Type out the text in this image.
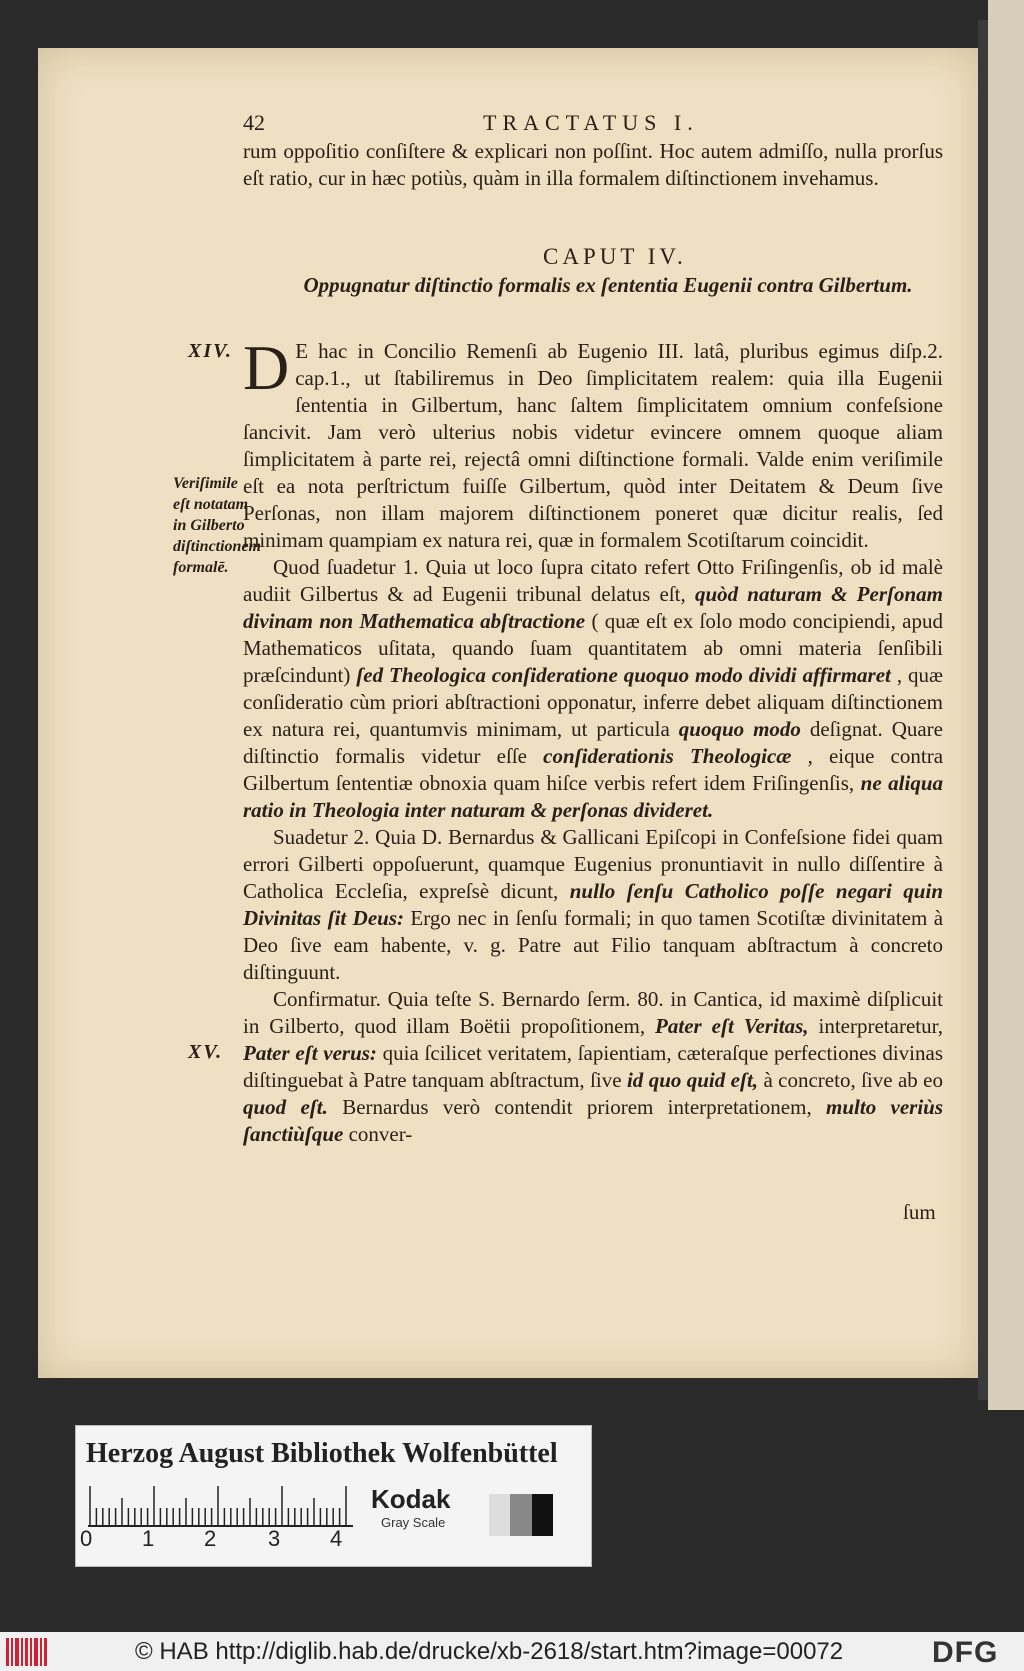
42	TRACTATUS I.

rum oppoſitio conſiſtere & explicari non poſſint. Hoc autem admiſſo, nulla prorſus eſt ratio, cur in hæc potiùs, quàm in illa formalem diſtinctionem invehamus.

CAPUT IV.
Oppugnatur diſtinctio formalis ex ſententia Eugenii contra Gilbertum.
XIV.
Veriſimile eſt notatam in Gilberto diſtinctionem formalē.
XV.

D E hac in Concilio Remenſi ab Eugenio III. latâ, pluribus egimus diſp.2. cap.1., ut ſtabiliremus in Deo ſimplicitatem realem: quia illa Eugenii ſententia in Gilbertum, hanc ſaltem ſimplicitatem omnium confeſsione ſancivit. Jam verò ulterius nobis videtur evincere omnem quoque aliam ſimplicitatem à parte rei, rejectâ omni diſtinctione formali. Valde enim veriſimile eſt ea nota perſtrictum fuiſſe Gilbertum, quòd inter Deitatem & Deum ſive Perſonas, non illam majorem diſtinctionem poneret quæ dicitur realis, ſed minimam quampiam ex natura rei, quæ in formalem Scotiſtarum coincidit.

Quod ſuadetur 1. Quia ut loco ſupra citato refert Otto Friſingenſis, ob id malè audiit Gilbertus & ad Eugenii tribunal delatus eſt, quòd naturam & Perſonam divinam non Mathematica abſtractione ( quæ eſt ex ſolo modo concipiendi, apud Mathematicos uſitata, quando ſuam quantitatem ab omni materia ſenſibili præſcindunt) ſed Theologica conſideratione quoquo modo dividi affirmaret , quæ conſideratio cùm priori abſtractioni opponatur, inferre debet aliquam diſtinctionem ex natura rei, quantumvis minimam, ut particula quoquo modo deſignat. Quare diſtinctio formalis videtur eſſe conſiderationis Theologicæ , eique contra Gilbertum ſententiæ obnoxia quam hiſce verbis refert idem Friſingenſis, ne aliqua ratio in Theologia inter naturam & perſonas divideret.

Suadetur 2. Quia D. Bernardus & Gallicani Epiſcopi in Confeſsione fidei quam errori Gilberti oppoſuerunt, quamque Eugenius pronuntiavit in nullo diſſentire à Catholica Eccleſia, expreſsè dicunt, nullo ſenſu Catholico poſſe negari quin Divinitas ſit Deus: Ergo nec in ſenſu formali; in quo tamen Scotiſtæ divinitatem à Deo ſive eam habente, v. g. Patre aut Filio tanquam abſtractum à concreto diſtinguunt.

Confirmatur. Quia teſte S. Bernardo ſerm. 80. in Cantica, id maximè diſplicuit in Gilberto, quod illam Boëtii propoſitionem, Pater eſt Veritas, interpretaretur, Pater eſt verus: quia ſcilicet veritatem, ſapientiam, cæteraſque perfectiones divinas diſtinguebat à Patre tanquam abſtractum, ſive id quo quid eſt, à concreto, ſive ab eo quod eſt. Bernardus verò contendit priorem interpretationem, multo veriùs ſanctiùſque conver-

ſum
Herzog August Bibliothek Wolfenbüttel
0 1 2 3 4
Kodak
Gray Scale
© HAB http://diglib.hab.de/drucke/xb-2618/start.htm?image=00072	DFG
